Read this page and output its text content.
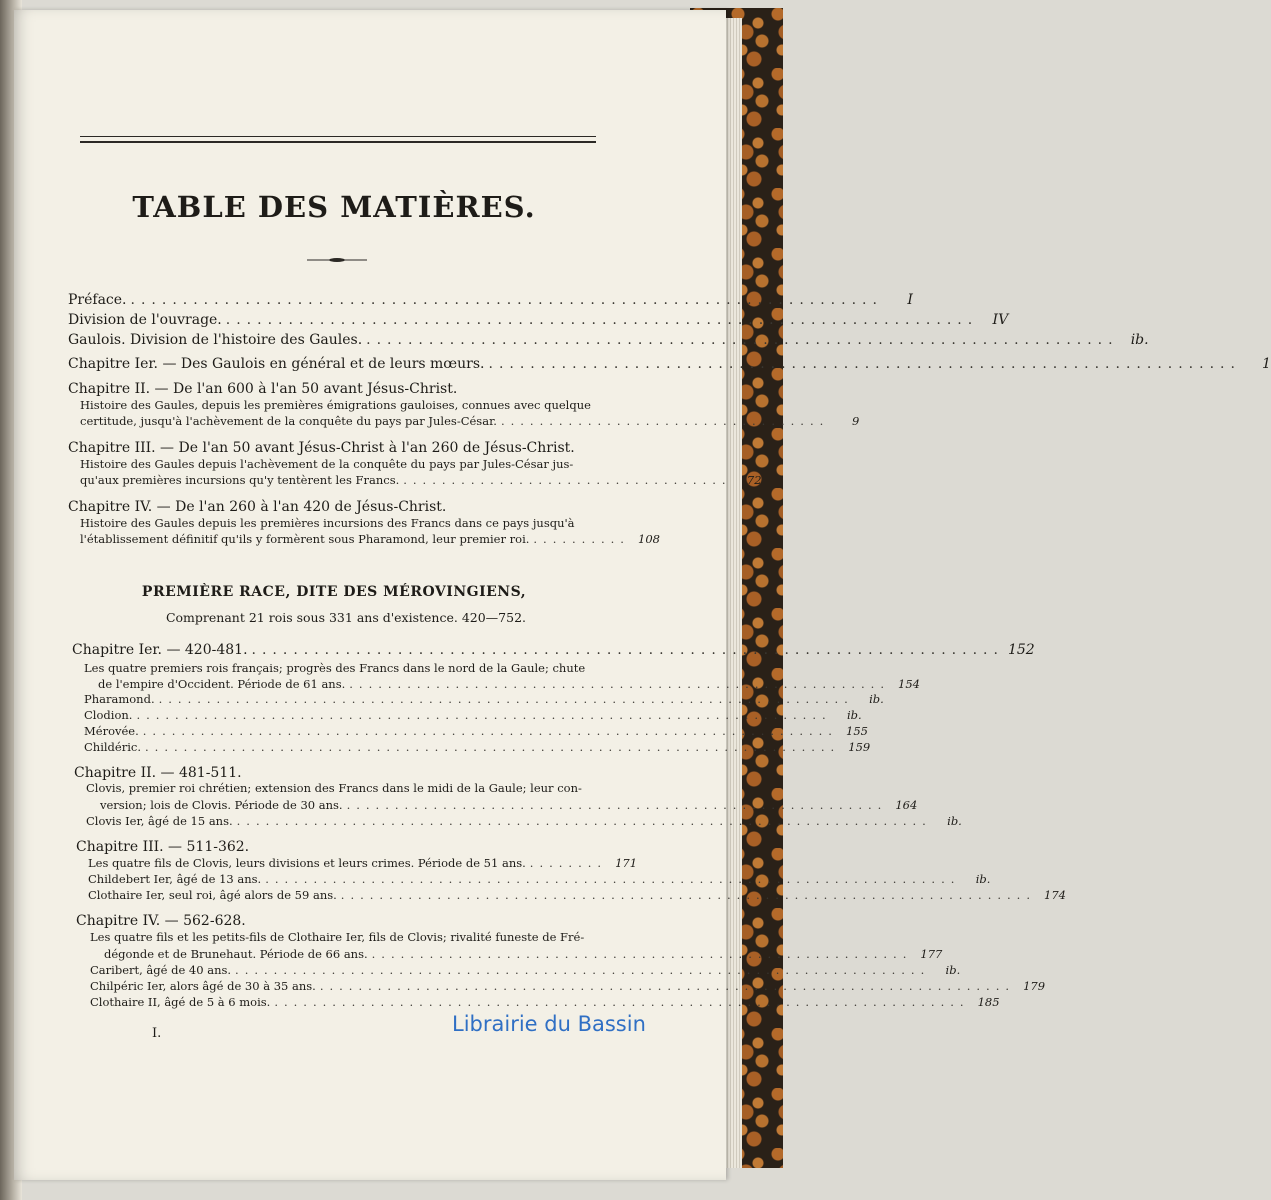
TABLE DES MATIÈRES.
Préface. ........................................................................	I
Division de l'ouvrage. ........................................................................	IV
Gaulois. Division de l'histoire des Gaules. ........................................................................ ib.
Chapitre Ier. — Des Gaulois en général et de leurs mœurs. ........................................................................	1
Chapitre II. — De l'an 600 à l'an 50 avant Jésus-Christ.
Histoire des Gaules, depuis les premières émigrations gauloises, connues avec quelque
certitude, jusqu'à l'achèvement de la conquête du pays par Jules-César. ..................................	9
Chapitre III. — De l'an 50 avant Jésus-Christ à l'an 260 de Jésus-Christ.
Histoire des Gaules depuis l'achèvement de la conquête du pays par Jules-César jus-
qu'aux premières incursions qu'y tentèrent les Francs. ..................................	72
Chapitre IV. — De l'an 260 à l'an 420 de Jésus-Christ.
Histoire des Gaules depuis les premières incursions des Francs dans ce pays jusqu'à
l'établissement définitif qu'ils y formèrent sous Pharamond, leur premier roi. .......... 108
PREMIÈRE RACE, DITE DES MÉROVINGIENS,
Comprenant 21 rois sous 331 ans d'existence. 420—752.
Chapitre Ier. — 420-481. ........................................................................ 152
Les quatre premiers rois français; progrès des Francs dans le nord de la Gaule; chute
de l'empire d'Occident. Période de 61 ans. ........................................................ 154
Pharamond. ........................................................................	ib.
Clodion. ........................................................................	ib.
Mérovée. ........................................................................ 155
Childéric. ........................................................................ 159
Chapitre II. — 481-511.
Clovis, premier roi chrétien; extension des Francs dans le midi de la Gaule; leur con-
version; lois de Clovis. Période de 30 ans. ........................................................ 164
Clovis Ier, âgé de 15 ans. ........................................................................	ib.
Chapitre III. — 511-362.
Les quatre fils de Clovis, leurs divisions et leurs crimes. Période de 51 ans. ........ 171
Childebert Ier, âgé de 13 ans. ........................................................................	ib.
Clothaire Ier, seul roi, âgé alors de 59 ans. ........................................................................ 174
Chapitre IV. — 562-628.
Les quatre fils et les petits-fils de Clothaire Ier, fils de Clovis; rivalité funeste de Fré-
dégonde et de Brunehaut. Période de 66 ans. ........................................................ 177
Caribert, âgé de 40 ans. ........................................................................	ib.
Chilpéric Ier, alors âgé de 30 à 35 ans. ........................................................................ 179
Clothaire II, âgé de 5 à 6 mois. ........................................................................ 185
I.	Librairie du Bassin
